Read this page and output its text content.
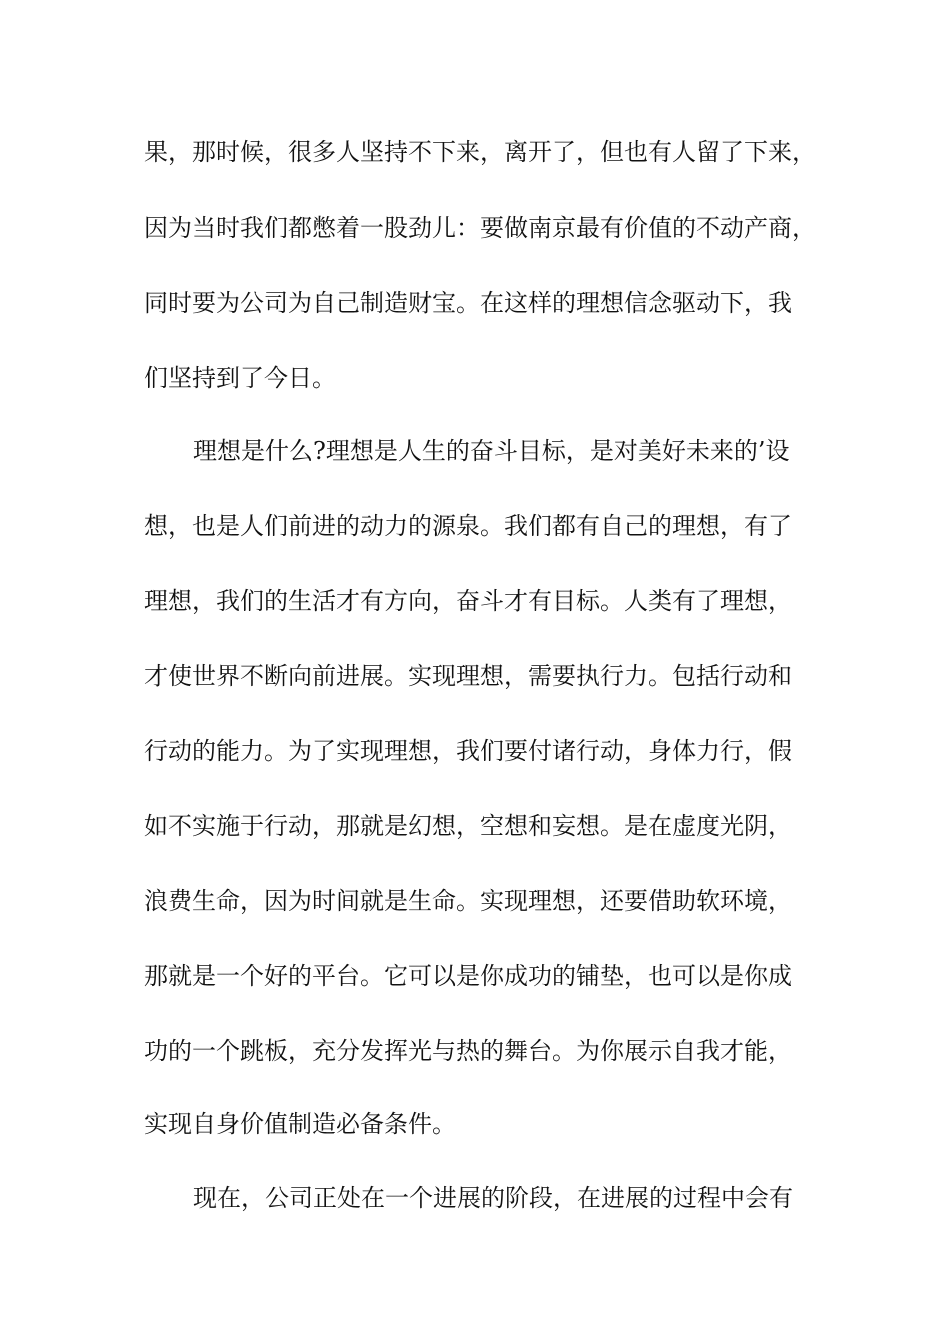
果，那时候，很多人坚持不下来，离开了，但也有人留了下来，
因为当时我们都憋着一股劲儿：要做南京最有价值的不动产商，
同时要为公司为自己制造财宝。在这样的理想信念驱动下，我
们坚持到了今日。
理想是什么?理想是人生的奋斗目标，是对美好未来的’设
想，也是人们前进的动力的源泉。我们都有自己的理想，有了
理想，我们的生活才有方向，奋斗才有目标。人类有了理想，
才使世界不断向前进展。实现理想，需要执行力。包括行动和
行动的能力。为了实现理想，我们要付诸行动，身体力行，假
如不实施于行动，那就是幻想，空想和妄想。是在虚度光阴，
浪费生命，因为时间就是生命。实现理想，还要借助软环境，
那就是一个好的平台。它可以是你成功的铺垫，也可以是你成
功的一个跳板，充分发挥光与热的舞台。为你展示自我才能，
实现自身价值制造必备条件。
现在，公司正处在一个进展的阶段，在进展的过程中会有
